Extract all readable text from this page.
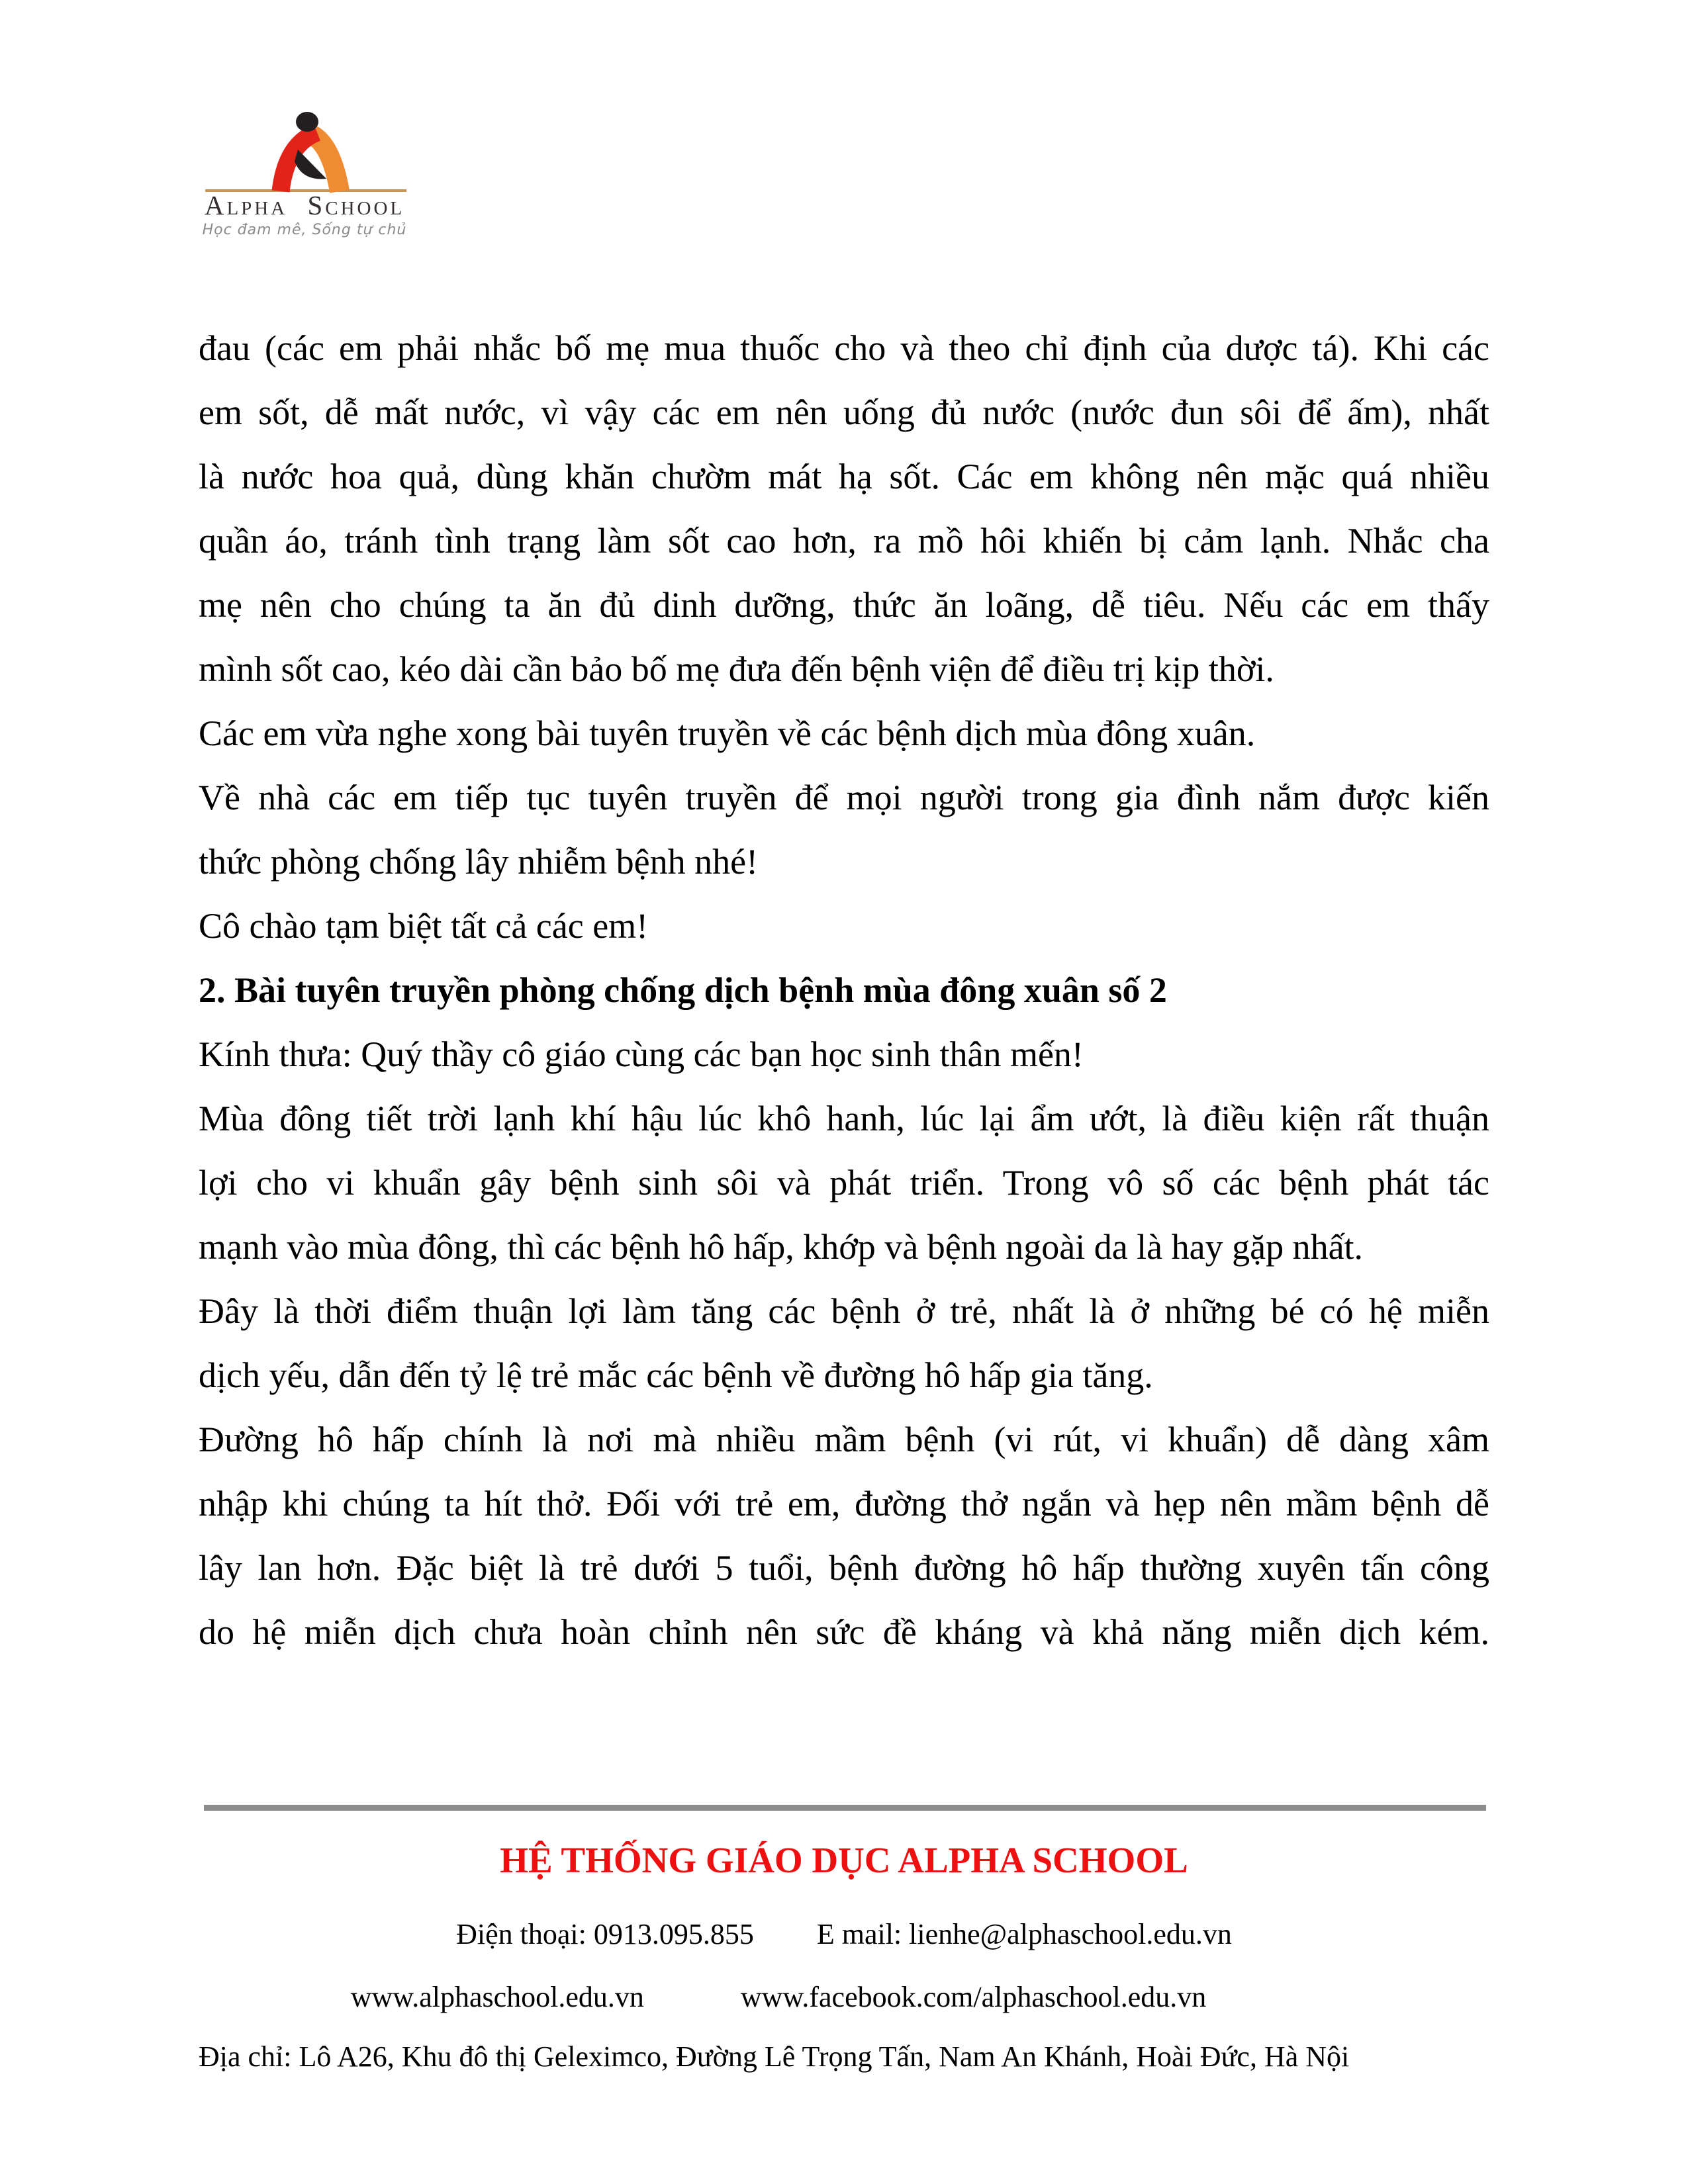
Alpha School
Học đam mê, Sống tự chủ
đau (các em phải nhắc bố mẹ mua thuốc cho và theo chỉ định của dược tá). Khi các
em sốt, dễ mất nước, vì vậy các em nên uống đủ nước (nước đun sôi để ấm), nhất
là nước hoa quả, dùng khăn chườm mát hạ sốt. Các em không nên mặc quá nhiều
quần áo, tránh tình trạng làm sốt cao hơn, ra mồ hôi khiến bị cảm lạnh. Nhắc cha
mẹ nên cho chúng ta ăn đủ dinh dưỡng, thức ăn loãng, dễ tiêu. Nếu các em thấy
mình sốt cao, kéo dài cần bảo bố mẹ đưa đến bệnh viện để điều trị kịp thời.
Các em vừa nghe xong bài tuyên truyền về các bệnh dịch mùa đông xuân.
Về nhà các em tiếp tục tuyên truyền để mọi người trong gia đình nắm được kiến
thức phòng chống lây nhiễm bệnh nhé!
Cô chào tạm biệt tất cả các em!
2. Bài tuyên truyền phòng chống dịch bệnh mùa đông xuân số 2
Kính thưa: Quý thầy cô giáo cùng các bạn học sinh thân mến!
Mùa đông tiết trời lạnh khí hậu lúc khô hanh, lúc lại ẩm ướt, là điều kiện rất thuận
lợi cho vi khuẩn gây bệnh sinh sôi và phát triển. Trong vô số các bệnh phát tác
mạnh vào mùa đông, thì các bệnh hô hấp, khớp và bệnh ngoài da là hay gặp nhất.
Đây là thời điểm thuận lợi làm tăng các bệnh ở trẻ, nhất là ở những bé có hệ miễn
dịch yếu, dẫn đến tỷ lệ trẻ mắc các bệnh về đường hô hấp gia tăng.
Đường hô hấp chính là nơi mà nhiều mầm bệnh (vi rút, vi khuẩn) dễ dàng xâm
nhập khi chúng ta hít thở. Đối với trẻ em, đường thở ngắn và hẹp nên mầm bệnh dễ
lây lan hơn. Đặc biệt là trẻ dưới 5 tuổi, bệnh đường hô hấp thường xuyên tấn công
do hệ miễn dịch chưa hoàn chỉnh nên sức đề kháng và khả năng miễn dịch kém.
HỆ THỐNG GIÁO DỤC ALPHA SCHOOL
Điện thoại: 0913.095.855 E mail: lienhe@alphaschool.edu.vn
www.alphaschool.edu.vn	www.facebook.com/alphaschool.edu.vn
Địa chỉ: Lô A26, Khu đô thị Geleximco, Đường Lê Trọng Tấn, Nam An Khánh, Hoài Đức, Hà Nội
